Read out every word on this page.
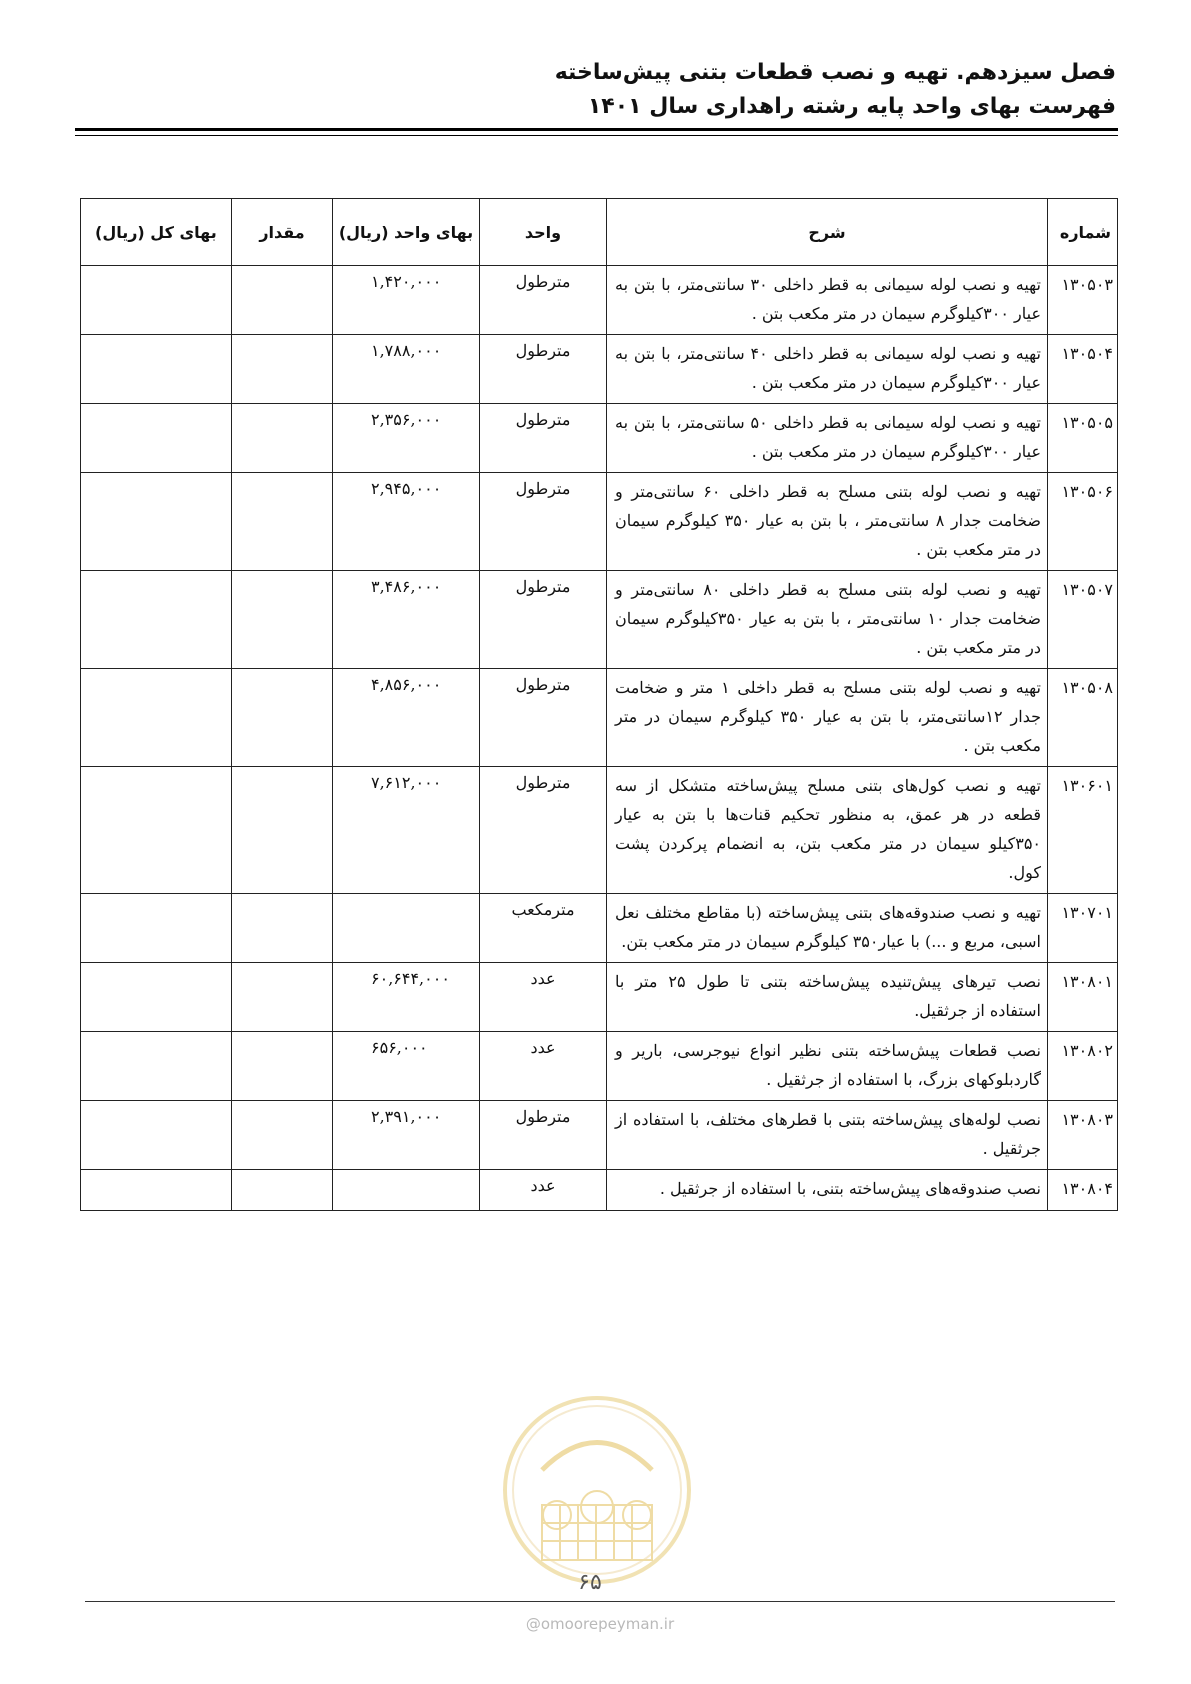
فصل سیزدهم. تهیه و نصب قطعات بتنی پیش‌ساخته
فهرست بهای واحد پایه رشته راهداری سال ۱۴۰۱
شماره	شرح	واحد	بهای واحد (ریال)	مقدار	بهای کل (ریال)
۱۳۰۵۰۳	تهیه و نصب لوله سیمانی به قطر داخلی ۳۰ سانتی‌متر، با بتن به عیار ۳۰۰کیلوگرم سیمان در متر مکعب بتن .	مترطول	۱,۴۲۰,۰۰۰		
۱۳۰۵۰۴	تهیه و نصب لوله سیمانی به قطر داخلی ۴۰ سانتی‌متر، با بتن به عیار ۳۰۰کیلوگرم سیمان در متر مکعب بتن .	مترطول	۱,۷۸۸,۰۰۰		
۱۳۰۵۰۵	تهیه و نصب لوله سیمانی به قطر داخلی ۵۰ سانتی‌متر، با بتن به عیار ۳۰۰کیلوگرم سیمان در متر مکعب بتن .	مترطول	۲,۳۵۶,۰۰۰		
۱۳۰۵۰۶	تهیه و نصب لوله بتنی مسلح به قطر داخلی ۶۰ سانتی‌متر و ضخامت جدار ۸ سانتی‌متر ، با بتن به عیار ۳۵۰ کیلوگرم سیمان در متر مکعب بتن .	مترطول	۲,۹۴۵,۰۰۰		
۱۳۰۵۰۷	تهیه و نصب لوله بتنی مسلح به قطر داخلی ۸۰ سانتی‌متر و ضخامت جدار ۱۰ سانتی‌متر ، با بتن به عیار ۳۵۰کیلوگرم سیمان در متر مکعب بتن .	مترطول	۳,۴۸۶,۰۰۰		
۱۳۰۵۰۸	تهیه و نصب لوله بتنی مسلح به قطر داخلی ۱ متر و ضخامت جدار ۱۲سانتی‌متر، با بتن به عیار ۳۵۰ کیلوگرم سیمان در متر مکعب بتن .	مترطول	۴,۸۵۶,۰۰۰		
۱۳۰۶۰۱	تهیه و نصب کول‌های بتنی مسلح پیش‌ساخته متشکل از سه قطعه در هر عمق، به منظور تحکیم قنات‌ها با بتن به عیار ۳۵۰کیلو سیمان در متر مکعب بتن، به انضمام پرکردن پشت کول.	مترطول	۷,۶۱۲,۰۰۰		
۱۳۰۷۰۱	تهیه و نصب صندوقه‌های بتنی پیش‌ساخته (با مقاطع مختلف نعل اسبی، مربع و ...) با عیار۳۵۰ کیلوگرم سیمان در متر مکعب بتن.	مترمکعب			
۱۳۰۸۰۱	نصب تیرهای پیش‌تنیده پیش‌ساخته بتنی تا طول ۲۵ متر با استفاده از جرثقیل.	عدد	۶۰,۶۴۴,۰۰۰		
۱۳۰۸۰۲	نصب قطعات پیش‌ساخته بتنی نظیر انواع نیوجرسی، باریر و گاردبلوکهای بزرگ، با استفاده از جرثقیل .	عدد	۶۵۶,۰۰۰		
۱۳۰۸۰۳	نصب لوله‌های پیش‌ساخته بتنی با قطرهای مختلف، با استفاده از جرثقیل .	مترطول	۲,۳۹۱,۰۰۰		
۱۳۰۸۰۴	نصب صندوقه‌های پیش‌ساخته بتنی، با استفاده از جرثقیل .	عدد			
۶۵
@omoorepeyman.ir
